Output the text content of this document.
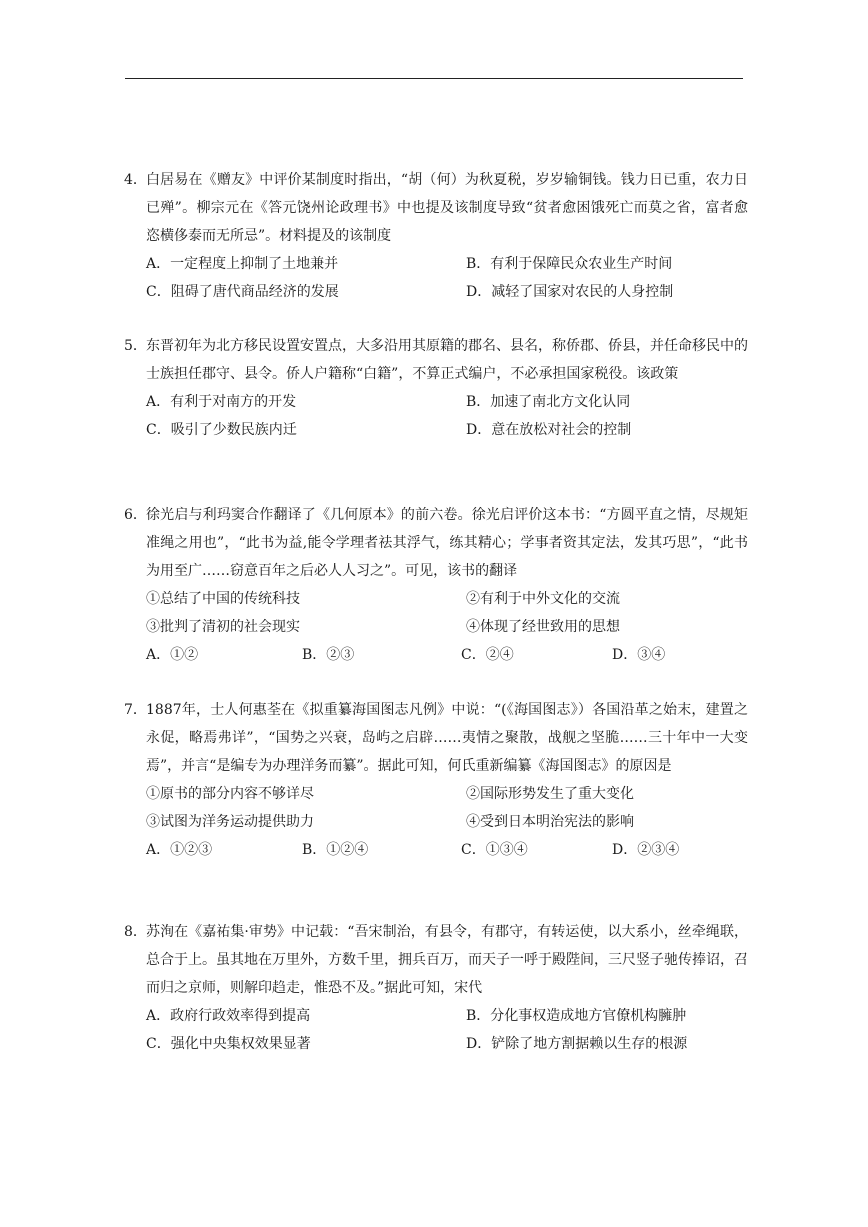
4． 白居易在《赠友》中评价某制度时指出，“胡（何）为秋夏税，岁岁输铜钱。钱力日已重，农力日已殚”。柳宗元在《答元饶州论政理书》中也提及该制度导致“贫者愈困饿死亡而莫之省，富者愈恣横侈泰而无所忌”。材料提及的该制度
A．一定程度上抑制了土地兼并	B．有利于保障民众农业生产时间
C．阻碍了唐代商品经济的发展	D．减轻了国家对农民的人身控制
5． 东晋初年为北方移民设置安置点，大多沿用其原籍的郡名、县名，称侨郡、侨县，并任命移民中的士族担任郡守、县令。侨人户籍称“白籍”，不算正式编户，不必承担国家税役。该政策
A．有利于对南方的开发	B．加速了南北方文化认同
C．吸引了少数民族内迁	D．意在放松对社会的控制
6． 徐光启与利玛窦合作翻译了《几何原本》的前六卷。徐光启评价这本书：“方圆平直之情，尽规矩准绳之用也”，“此书为益,能令学理者祛其浮气，练其精心；学事者资其定法，发其巧思”，“此书为用至广……窃意百年之后必人人习之”。可见，该书的翻译
①总结了中国的传统科技	②有利于中外文化的交流
③批判了清初的社会现实	④体现了经世致用的思想
A．①②	B．②③	C．②④	D．③④
7． 1887年，士人何惠荃在《拟重纂海国图志凡例》中说：“(《海国图志》）各国沿革之始末，建置之永促，略焉弗详”，“国势之兴衰，岛屿之启辟……夷情之聚散，战舰之坚脆……三十年中一大变焉”，并言“是编专为办理洋务而纂”。据此可知，何氏重新编纂《海国图志》的原因是
①原书的部分内容不够详尽	②国际形势发生了重大变化
③试图为洋务运动提供助力	④受到日本明治宪法的影响
A．①②③	B．①②④	C．①③④	D．②③④
8． 苏洵在《嘉祐集·审势》中记载：“吾宋制治，有县令，有郡守，有转运使，以大系小，丝牵绳联，总合于上。虽其地在万里外，方数千里，拥兵百万，而天子一呼于殿陛间，三尺竖子驰传捧诏，召而归之京师，则解印趋走，惟恐不及。”据此可知，宋代
A．政府行政效率得到提高	B．分化事权造成地方官僚机构臃肿
C．强化中央集权效果显著	D．铲除了地方割据赖以生存的根源
